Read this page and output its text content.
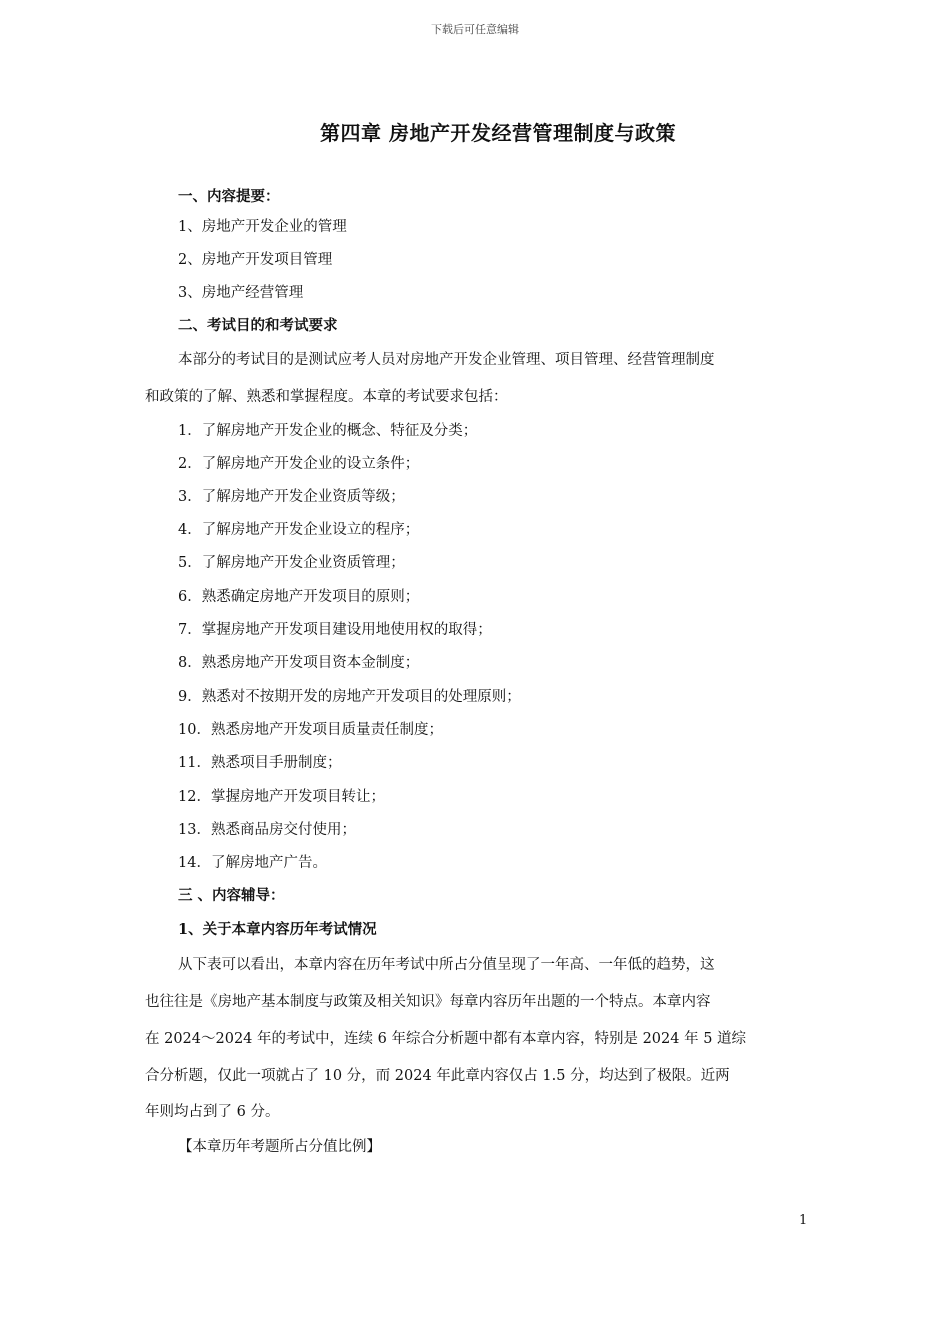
下载后可任意编辑
第四章 房地产开发经营管理制度与政策
一、内容提要：
1、房地产开发企业的管理
2、房地产开发项目管理
3、房地产经营管理
二、考试目的和考试要求
本部分的考试目的是测试应考人员对房地产开发企业管理、项目管理、经营管理制度
和政策的了解、熟悉和掌握程度。本章的考试要求包括：
1．了解房地产开发企业的概念、特征及分类；
2．了解房地产开发企业的设立条件；
3．了解房地产开发企业资质等级；
4．了解房地产开发企业设立的程序；
5．了解房地产开发企业资质管理；
6．熟悉确定房地产开发项目的原则；
7．掌握房地产开发项目建设用地使用权的取得；
8．熟悉房地产开发项目资本金制度；
9．熟悉对不按期开发的房地产开发项目的处理原则；
10．熟悉房地产开发项目质量责任制度；
11．熟悉项目手册制度；
12．掌握房地产开发项目转让；
13．熟悉商品房交付使用；
14．了解房地产广告。
三 、内容辅导：
1、关于本章内容历年考试情况
从下表可以看出，本章内容在历年考试中所占分值呈现了一年高、一年低的趋势，这
也往往是《房地产基本制度与政策及相关知识》每章内容历年出题的一个特点。本章内容
在 2024～2024 年的考试中，连续 6 年综合分析题中都有本章内容，特别是 2024 年 5 道综
合分析题，仅此一项就占了 10 分，而 2024 年此章内容仅占 1.5 分，均达到了极限。近两
年则均占到了 6 分。
【本章历年考题所占分值比例】
1
